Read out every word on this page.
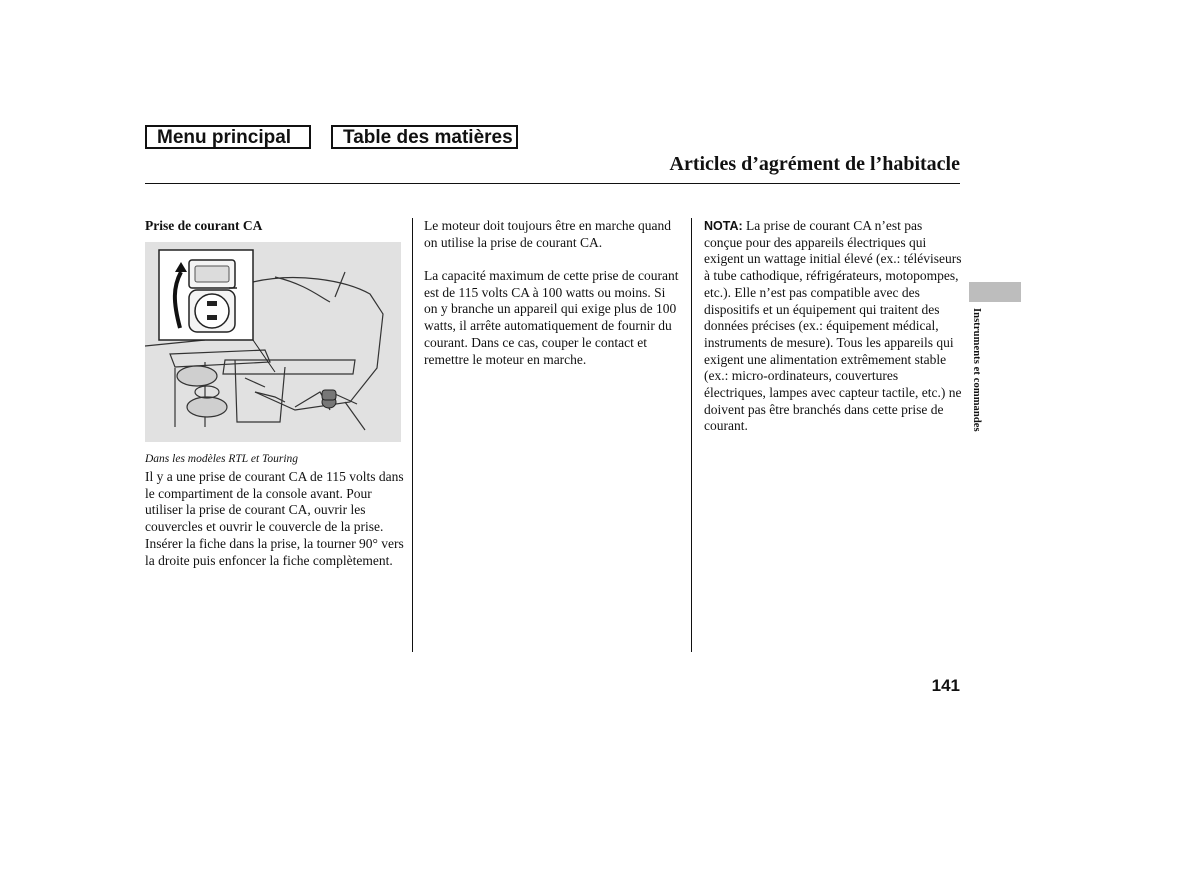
Menu principal	Table des matières
Articles d’agrément de l’habitacle
Prise de courant CA
Dans les modèles RTL et Touring
Il y a une prise de courant CA de 115 volts dans le compartiment de la console avant. Pour utiliser la prise de courant CA, ouvrir les couvercles et ouvrir le couvercle de la prise. Insérer la fiche dans la prise, la tourner 90° vers la droite puis enfoncer la fiche complètement.
Le moteur doit toujours être en marche quand on utilise la prise de courant CA.
La capacité maximum de cette prise de courant est de 115 volts CA à 100 watts ou moins. Si on y branche un appareil qui exige plus de 100 watts, il arrête automatiquement de fournir du courant. Dans ce cas, couper le contact et remettre le moteur en marche.
NOTA: La prise de courant CA n’est pas conçue pour des appareils électriques qui exigent un wattage initial élevé (ex.: téléviseurs à tube cathodique, réfrigérateurs, motopompes, etc.). Elle n’est pas compatible avec des dispositifs et un équipement qui traitent des données précises (ex.: équipement médical, instruments de mesure). Tous les appareils qui exigent une alimentation extrêmement stable (ex.: micro-ordinateurs, couvertures électriques, lampes avec capteur tactile, etc.) ne doivent pas être branchés dans cette prise de courant.	Instruments et commandes
141
